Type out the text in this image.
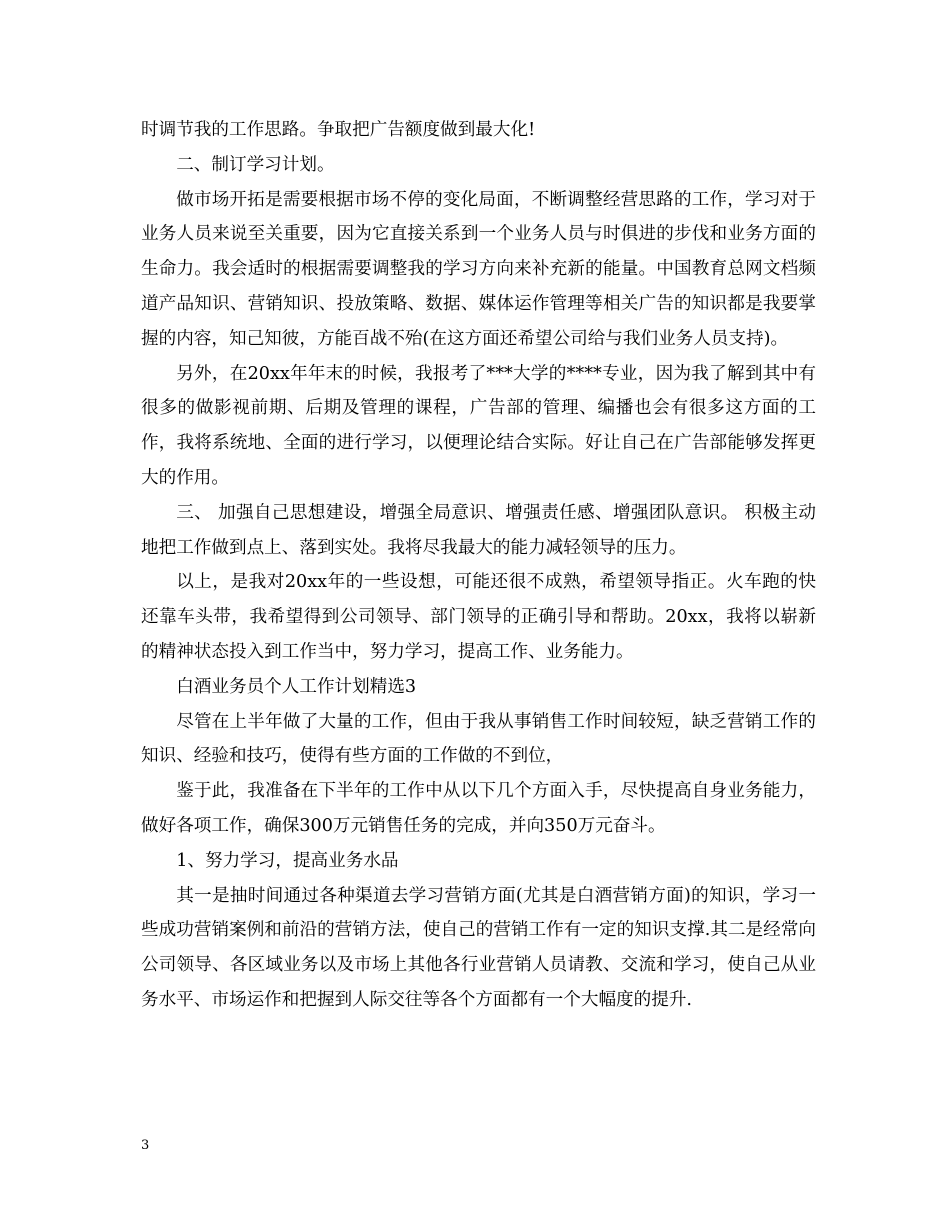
时调节我的工作思路。争取把广告额度做到最大化!

二、制订学习计划。

做市场开拓是需要根据市场不停的变化局面，不断调整经营思路的工作，学习对于业务人员来说至关重要，因为它直接关系到一个业务人员与时俱进的步伐和业务方面的生命力。我会适时的根据需要调整我的学习方向来补充新的能量。中国教育总网文档频道产品知识、营销知识、投放策略、数据、媒体运作管理等相关广告的知识都是我要掌握的内容，知己知彼，方能百战不殆(在这方面还希望公司给与我们业务人员支持)。

另外，在20xx年年末的时候，我报考了***大学的****专业，因为我了解到其中有很多的做影视前期、后期及管理的课程，广告部的管理、编播也会有很多这方面的工作，我将系统地、全面的进行学习，以便理论结合实际。好让自己在广告部能够发挥更大的作用。

三、 加强自己思想建设，增强全局意识、增强责任感、增强团队意识。 积极主动地把工作做到点上、落到实处。我将尽我最大的能力减轻领导的压力。

以上，是我对20xx年的一些设想，可能还很不成熟，希望领导指正。火车跑的快还靠车头带，我希望得到公司领导、部门领导的正确引导和帮助。20xx，我将以崭新的精神状态投入到工作当中，努力学习，提高工作、业务能力。

白酒业务员个人工作计划精选3

尽管在上半年做了大量的工作，但由于我从事销售工作时间较短，缺乏营销工作的知识、经验和技巧，使得有些方面的工作做的不到位，

鉴于此，我准备在下半年的工作中从以下几个方面入手，尽快提高自身业务能力，做好各项工作，确保300万元销售任务的完成，并向350万元奋斗。

1、努力学习，提高业务水品

其一是抽时间通过各种渠道去学习营销方面(尤其是白酒营销方面)的知识，学习一些成功营销案例和前沿的营销方法，使自己的营销工作有一定的知识支撑.其二是经常向公司领导、各区域业务以及市场上其他各行业营销人员请教、交流和学习，使自己从业务水平、市场运作和把握到人际交往等各个方面都有一个大幅度的提升.

3
